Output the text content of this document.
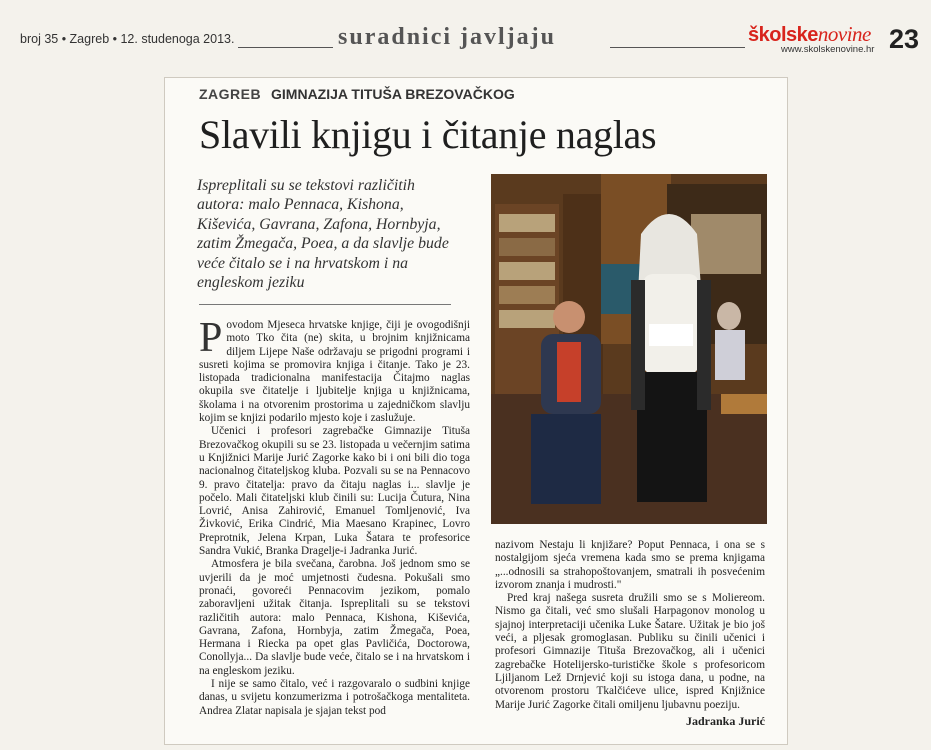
broj 35 • Zagreb • 12. studenoga 2013.	suradnici javljaju	školskenovine
www.skolskenovine.hr 23
ZAGREB GIMNAZIJA TITUŠA BREZOVAČKOG
Slavili knjigu i čitanje naglas
Ispreplitali su se tekstovi različitih autora: malo Pennaca, Kishona, Kiševića, Gavrana, Zafona, Hornbyja, zatim Žmegača, Poea, a da slavlje bude veće čitalo se i na hrvatskom i na engleskom jeziku

Povodom Mjeseca hrvatske knjige, čiji je ovogodišnji moto Tko čita (ne) skita, u brojnim knjižnicama diljem Lijepe Naše održavaju se prigodni programi i susreti kojima se promovira knjiga i čitanje. Tako je 23. listopada tradicionalna manifestacija Čitajmo naglas okupila sve čitatelje i ljubitelje knjiga u knjižnicama, školama i na otvorenim prostorima u zajedničkom slavlju kojim se knjizi podarilo mjesto koje i zaslužuje.

Učenici i profesori zagrebačke Gimnazije Tituša Brezovačkog okupili su se 23. listopada u večernjim satima u Knjižnici Marije Jurić Zagorke kako bi i oni bili dio toga nacionalnog čitateljskog kluba. Pozvali su se na Pennacovo 9. pravo čitatelja: pravo da čitaju naglas i... slavlje je počelo. Mali čitateljski klub činili su: Lucija Čutura, Nina Lovrić, Anisa Zahirović, Emanuel Tomljenović, Iva Živković, Erika Cindrić, Mia Maesano Krapinec, Lovro Preprotnik, Jelena Krpan, Luka Šatara te profesorice Sandra Vukić, Branka Dragelje-i Jadranka Jurić.

Atmosfera je bila svečana, čarobna. Još jednom smo se uvjerili da je moć umjetnosti čudesna. Pokušali smo pronaći, govoreći Pennacovim jezikom, pomalo zaboravljeni užitak čitanja. Ispreplitali su se tekstovi različitih autora: malo Pennaca, Kishona, Kiševića, Gavrana, Zafona, Hornbyja, zatim Žmegača, Poea, Hermana i Riecka pa opet glas Pavličića, Doctorowa, Conollyja... Da slavlje bude veće, čitalo se i na hrvatskom i na engleskom jeziku.

I nije se samo čitalo, već i razgovaralo o sudbini knjige danas, u svijetu konzumerizma i potrošačkoga mentaliteta. Andrea Zlatar napisala je sjajan tekst pod

nazivom Nestaju li knjižare? Poput Pennaca, i ona se s nostalgijom sjeća vremena kada smo se prema knjigama „...odnosili sa strahopoštovanjem, smatrali ih posvećenim izvorom znanja i mudrosti."

Pred kraj našega susreta družili smo se s Moliereom. Nismo ga čitali, već smo slušali Harpagonov monolog u sjajnoj interpretaciji učenika Luke Šatare. Užitak je bio još veći, a pljesak gromoglasan. Publiku su činili učenici i profesori Gimnazije Tituša Brezovačkog, ali i učenici zagrebačke Hotelijersko-turističke škole s profesoricom Ljiljanom Lež Drnjević koji su istoga dana, u podne, na otvorenom prostoru Tkalčićeve ulice, ispred Knjižnice Marije Jurić Zagorke čitali omiljenu ljubavnu poeziju.

Jadranka Jurić
